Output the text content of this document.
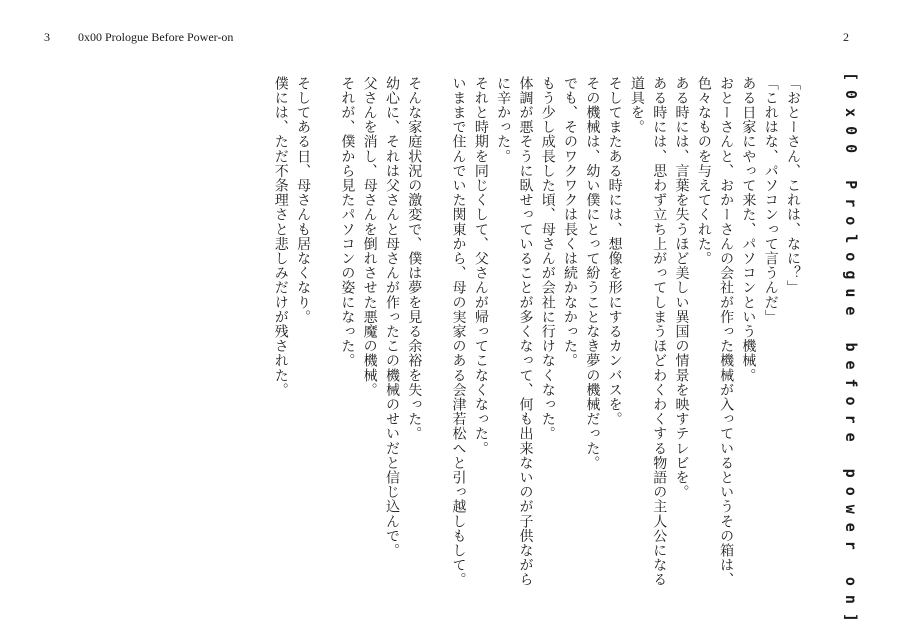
3 0x00 Prologue Before Power-on	2
[0x00 Prologue before power on]

「おとーさん、これは、なに？」

「これはな、パソコンって言うんだ」

ある日家にやって来た、パソコンという機械。

おとーさんと、おかーさんの会社が作った機械が入っているというその箱は、色々なものを与えてくれた。

ある時には、言葉を失うほど美しい異国の情景を映すテレビを。

ある時には、思わず立ち上がってしまうほどわくわくする物語の主人公になる道具を。

そしてまたある時には、想像を形にするカンバスを。

その機械は、幼い僕にとって紛うことなき夢の機械だった。

でも、そのワクワクは長くは続かなかった。

もう少し成長した頃、母さんが会社に行けなくなった。

体調が悪そうに臥せっていることが多くなって、何も出来ないのが子供ながらに辛かった。

それと時期を同じくして、父さんが帰ってこなくなった。

いままで住んでいた関東から、母の実家のある会津若松へと引っ越しもして。

そんな家庭状況の激変で、僕は夢を見る余裕を失った。

幼心に、それは父さんと母さんが作ったこの機械のせいだと信じ込んで。

父さんを消し、母さんを倒れさせた悪魔の機械。

それが、僕から見たパソコンの姿になった。

そしてある日、母さんも居なくなり。

僕には、ただ不条理さと悲しみだけが残された。
